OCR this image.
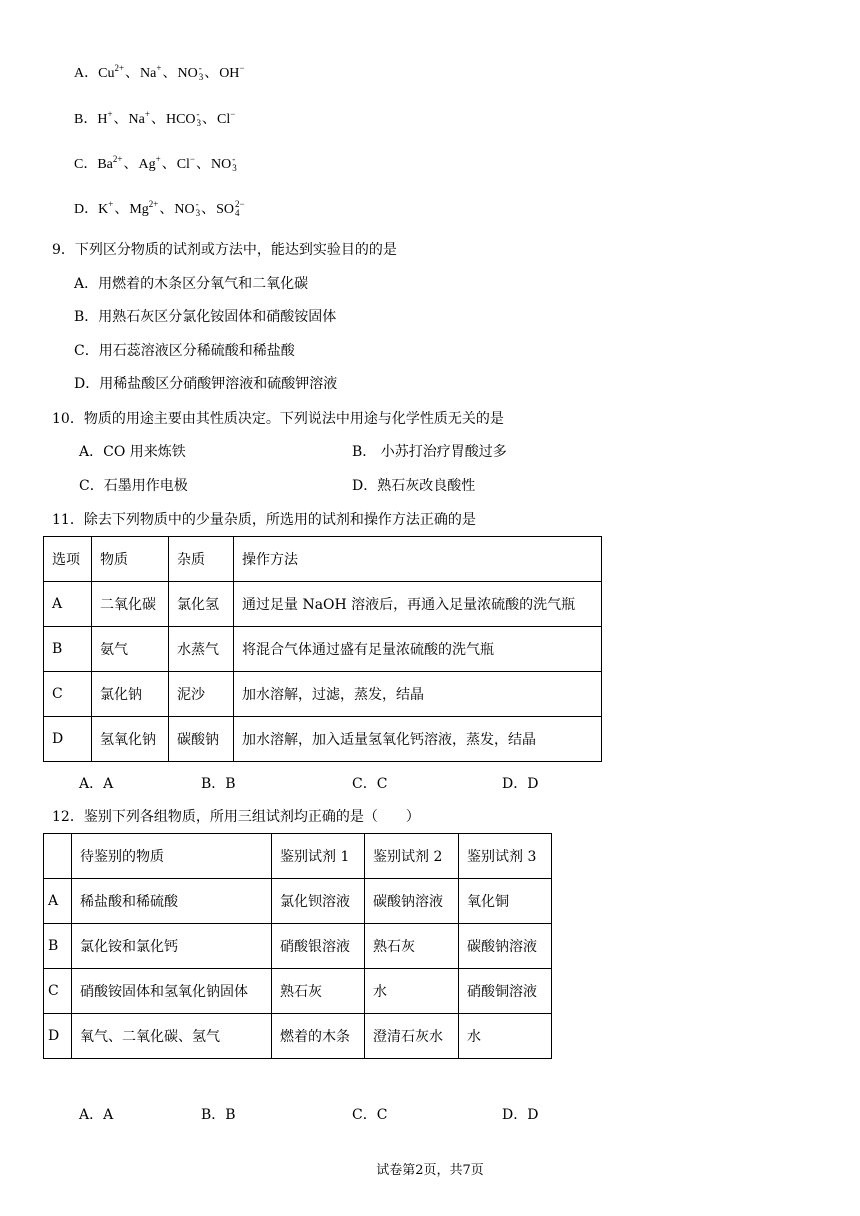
A．$Cu^{2+}$、Na+、NO -
3 、OH−
B．H+、Na+、HCO -
3 、Cl−
C．$Ba^{2+}$、Ag+、Cl−、NO -
3
D．K+、$Mg^{2+}$、NO -
3 、SO 2−
4
9．下列区分物质的试剂或方法中，能达到实验目的的是
A．用燃着的木条区分氧气和二氧化碳
B．用熟石灰区分氯化铵固体和硝酸铵固体
C．用石蕊溶液区分稀硫酸和稀盐酸
D．用稀盐酸区分硝酸钾溶液和硫酸钾溶液
10．物质的用途主要由其性质决定。下列说法中用途与化学性质无关的是
A．CO 用来炼铁	B． 小苏打治疗胃酸过多
C．石墨用作电极	D．熟石灰改良酸性
11．除去下列物质中的少量杂质，所选用的试剂和操作方法正确的是
选项	物质	杂质	操作方法
A	二氧化碳	氯化氢	通过足量 NaOH 溶液后，再通入足量浓硫酸的洗气瓶
B	氨气	水蒸气	将混合气体通过盛有足量浓硫酸的洗气瓶
C	氯化钠	泥沙	加水溶解，过滤，蒸发，结晶
D	氢氧化钠	碳酸钠	加水溶解，加入适量氢氧化钙溶液，蒸发，结晶
A．A	B．B	C．C	D．D
12．鉴别下列各组物质，所用三组试剂均正确的是（　　）
	待鉴别的物质	鉴别试剂 1	鉴别试剂 2	鉴别试剂 3
A	稀盐酸和稀硫酸	氯化钡溶液	碳酸钠溶液	氧化铜
B	氯化铵和氯化钙	硝酸银溶液	熟石灰	碳酸钠溶液
C	硝酸铵固体和氢氧化钠固体	熟石灰	水	硝酸铜溶液
D	氧气、二氧化碳、氢气	燃着的木条	澄清石灰水	水
A．A	B．B	C．C	D．D
试卷第2页，共7页
